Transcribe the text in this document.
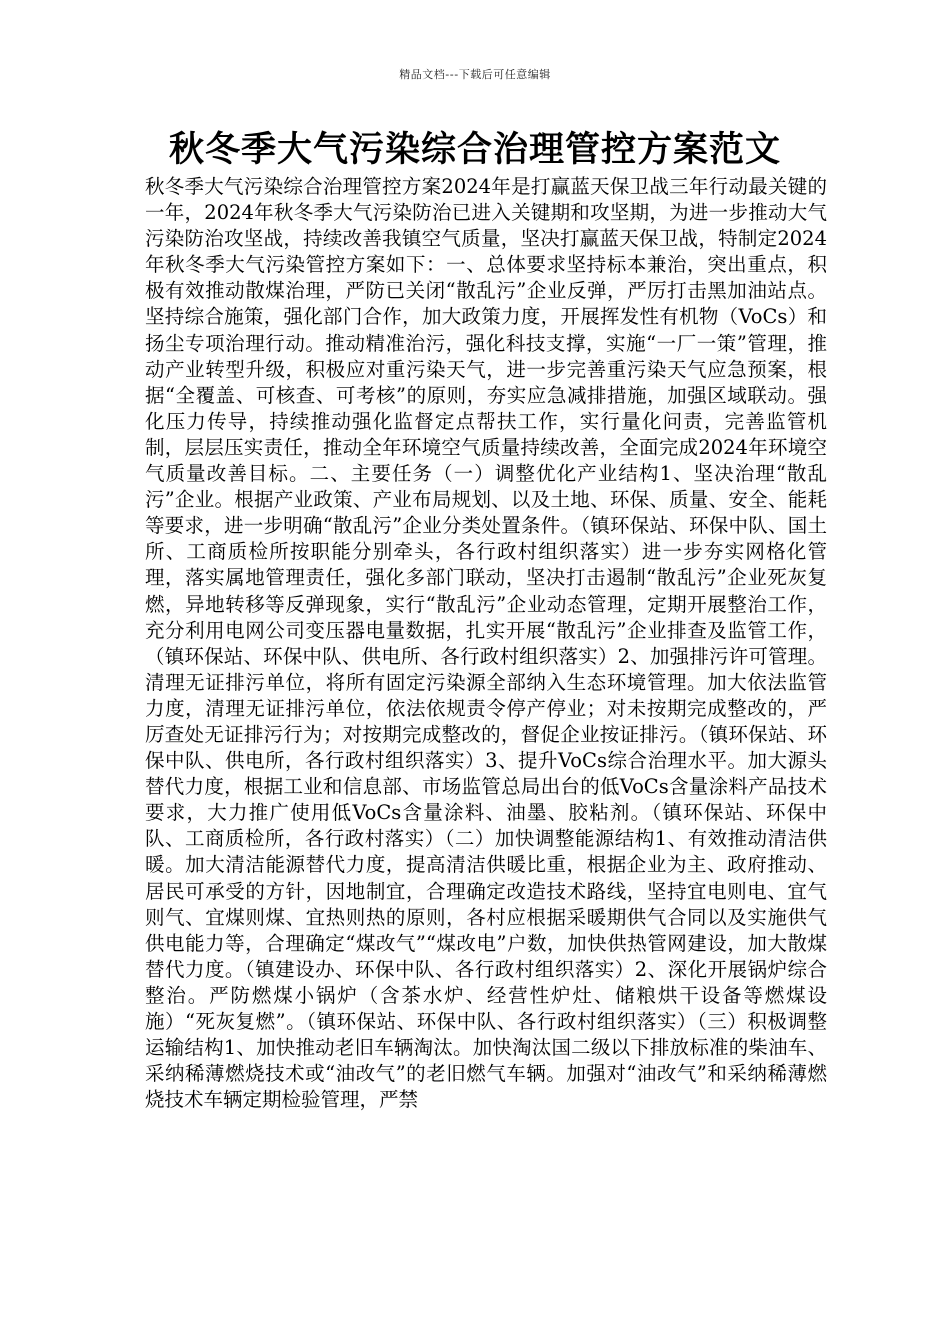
精品文档---下载后可任意编辑
秋冬季大气污染综合治理管控方案范文

秋冬季大气污染综合治理管控方案2024年是打赢蓝天保卫战三年行动最关键的一年，2024年秋冬季大气污染防治已进入关键期和攻坚期，为进一步推动大气污染防治攻坚战，持续改善我镇空气质量，坚决打赢蓝天保卫战，特制定2024年秋冬季大气污染管控方案如下：一、总体要求坚持标本兼治，突出重点，积极有效推动散煤治理，严防已关闭“散乱污”企业反弹，严厉打击黑加油站点。坚持综合施策，强化部门合作，加大政策力度，开展挥发性有机物（VoCs）和扬尘专项治理行动。推动精准治污，强化科技支撑，实施“一厂一策”管理，推动产业转型升级，积极应对重污染天气，进一步完善重污染天气应急预案，根据“全覆盖、可核查、可考核”的原则，夯实应急减排措施，加强区域联动。强化压力传导，持续推动强化监督定点帮扶工作，实行量化问责，完善监管机制，层层压实责任，推动全年环境空气质量持续改善，全面完成2024年环境空气质量改善目标。二、主要任务（一）调整优化产业结构1、坚决治理“散乱污”企业。根据产业政策、产业布局规划、以及土地、环保、质量、安全、能耗等要求，进一步明确“散乱污”企业分类处置条件。（镇环保站、环保中队、国土所、工商质检所按职能分别牵头，各行政村组织落实）进一步夯实网格化管理，落实属地管理责任，强化多部门联动，坚决打击遏制“散乱污”企业死灰复燃，异地转移等反弹现象，实行“散乱污”企业动态管理，定期开展整治工作，充分利用电网公司变压器电量数据，扎实开展“散乱污”企业排查及监管工作，（镇环保站、环保中队、供电所、各行政村组织落实）2、加强排污许可管理。清理无证排污单位，将所有固定污染源全部纳入生态环境管理。加大依法监管力度，清理无证排污单位，依法依规责令停产停业；对未按期完成整改的，严厉查处无证排污行为；对按期完成整改的，督促企业按证排污。（镇环保站、环保中队、供电所，各行政村组织落实）3、提升VoCs综合治理水平。加大源头替代力度，根据工业和信息部、市场监管总局出台的低VoCs含量涂料产品技术要求，大力推广使用低VoCs含量涂料、油墨、胶粘剂。（镇环保站、环保中队、工商质检所，各行政村落实）（二）加快调整能源结构1、有效推动清洁供暖。加大清洁能源替代力度，提高清洁供暖比重，根据企业为主、政府推动、居民可承受的方针，因地制宜，合理确定改造技术路线，坚持宜电则电、宜气则气、宜煤则煤、宜热则热的原则，各村应根据采暖期供气合同以及实施供气供电能力等，合理确定“煤改气”“煤改电”户数，加快供热管网建设，加大散煤替代力度。（镇建设办、环保中队、各行政村组织落实）2、深化开展锅炉综合整治。严防燃煤小锅炉（含茶水炉、经营性炉灶、储粮烘干设备等燃煤设施）“死灰复燃”。（镇环保站、环保中队、各行政村组织落实）（三）积极调整运输结构1、加快推动老旧车辆淘汰。加快淘汰国二级以下排放标准的柴油车、采纳稀薄燃烧技术或“油改气”的老旧燃气车辆。加强对“油改气”和采纳稀薄燃烧技术车辆定期检验管理，严禁
